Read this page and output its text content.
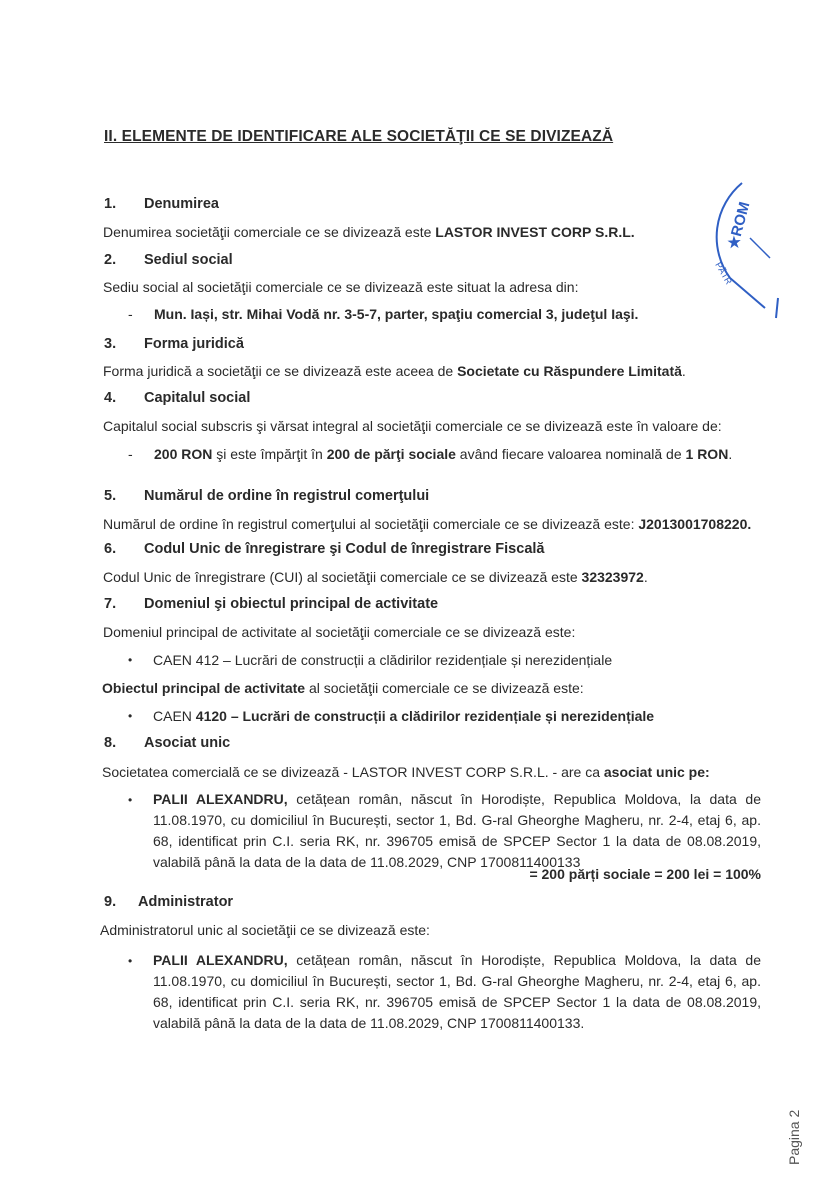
II. ELEMENTE DE IDENTIFICARE ALE SOCIETĂŢII CE SE DIVIZEAZĂ
★ROM
PĂTR
1. Denumirea
Denumirea societăţii comerciale ce se divizează este LASTOR INVEST CORP S.R.L.
2. Sediul social
Sediu social al societăţii comerciale ce se divizează este situat la adresa din:
- Mun. Iași, str. Mihai Vodă nr. 3-5-7, parter, spaţiu comercial 3, judeţul Iaşi.
3. Forma juridică
Forma juridică a societăţii ce se divizează este aceea de Societate cu Răspundere Limitată.
4. Capitalul social
Capitalul social subscris şi vărsat integral al societăţii comerciale ce se divizează este în valoare de:
- 200 RON şi este împărţit în 200 de părţi sociale având fiecare valoarea nominală de 1 RON.
5. Numărul de ordine în registrul comerţului
Numărul de ordine în registrul comerţului al societăţii comerciale ce se divizează este: J2013001708220.
6. Codul Unic de înregistrare şi Codul de înregistrare Fiscală
Codul Unic de înregistrare (CUI) al societăţii comerciale ce se divizează este 32323972.
7. Domeniul şi obiectul principal de activitate
Domeniul principal de activitate al societăţii comerciale ce se divizează este:
• CAEN 412 – Lucrări de construcții a clădirilor rezidențiale și nerezidențiale
Obiectul principal de activitate al societăţii comerciale ce se divizează este:
• CAEN 4120 – Lucrări de construcții a clădirilor rezidențiale și nerezidențiale
8. Asociat unic
Societatea comercială ce se divizează - LASTOR INVEST CORP S.R.L. - are ca asociat unic pe:
• PALII ALEXANDRU, cetățean român, născut în Horodiște, Republica Moldova, la data de 11.08.1970, cu domiciliul în București, sector 1, Bd. G-ral Gheorghe Magheru, nr. 2-4, etaj 6, ap. 68, identificat prin C.I. seria RK, nr. 396705 emisă de SPCEP Sector 1 la data de 08.08.2019, valabilă până la data de la data de 11.08.2029, CNP 1700811400133
= 200 părți sociale = 200 lei = 100%
9. Administrator
Administratorul unic al societăţii ce se divizează este:
• PALII ALEXANDRU, cetățean român, născut în Horodiște, Republica Moldova, la data de 11.08.1970, cu domiciliul în București, sector 1, Bd. G-ral Gheorghe Magheru, nr. 2-4, etaj 6, ap. 68, identificat prin C.I. seria RK, nr. 396705 emisă de SPCEP Sector 1 la data de 08.08.2019, valabilă până la data de la data de 11.08.2029, CNP 1700811400133.
Pagina 2
